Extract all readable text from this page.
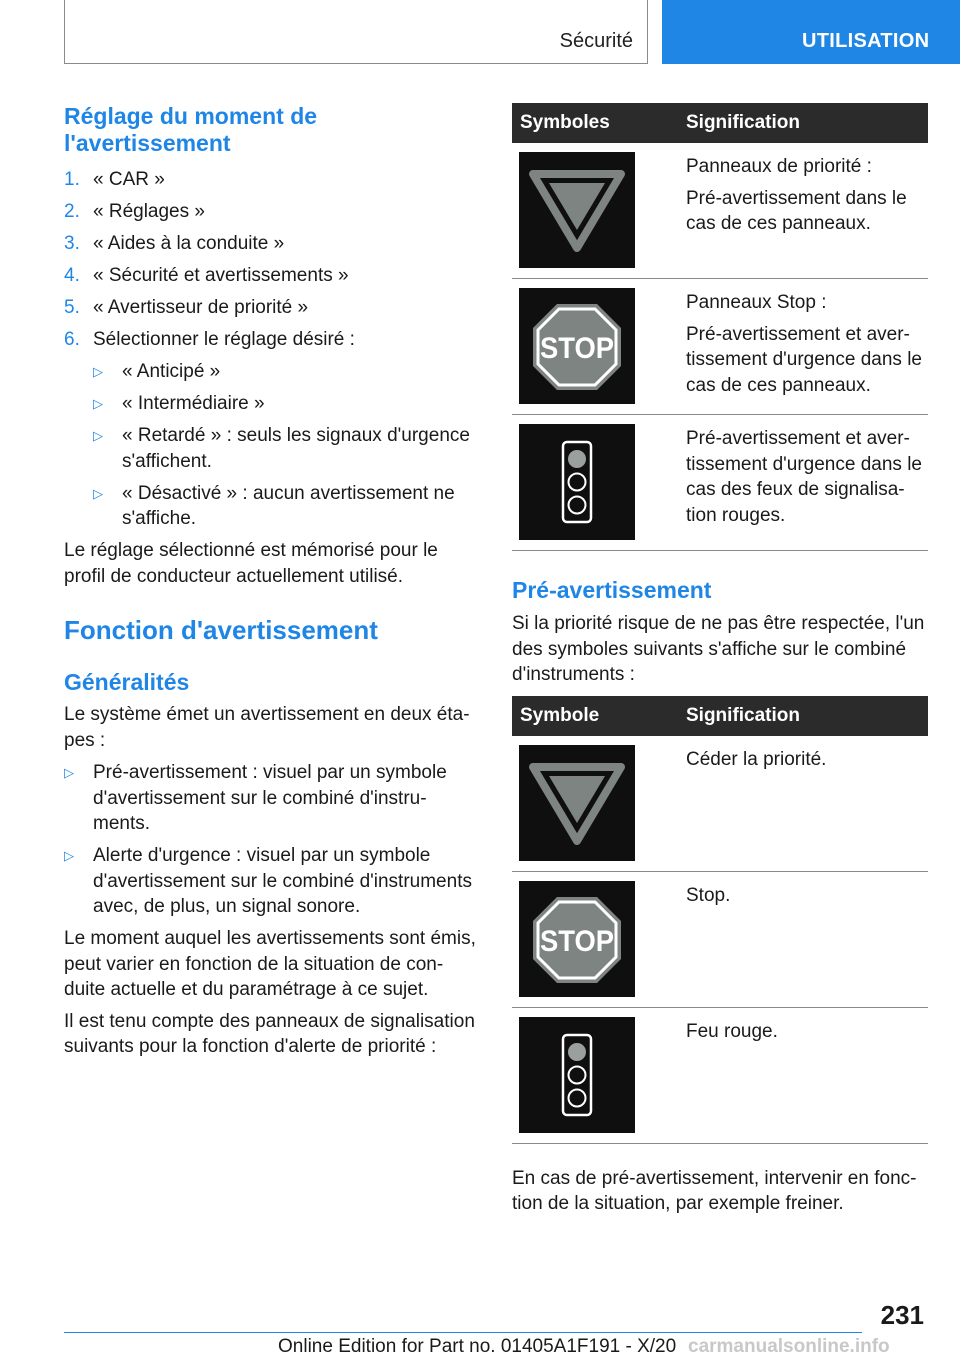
Sécurité	UTILISATION
Réglage du moment de l'avertissement
1. « CAR »
2. « Réglages »
3. « Aides à la conduite »
4. « Sécurité et avertissements »
5. « Avertisseur de priorité »
6. Sélectionner le réglage désiré :
▷	« Anticipé »
▷	« Intermédiaire »
▷	« Retardé » : seuls les signaux d'urgence s'affichent.
▷	« Désactivé » : aucun avertissement ne s'affiche.

Le réglage sélectionné est mémorisé pour le profil de conducteur actuellement utilisé.

Fonction d'avertissement
Généralités

Le système émet un avertissement en deux éta-pes :

▷	Pré-avertissement : visuel par un symbole d'avertissement sur le combiné d'instru-ments.
▷	Alerte d'urgence : visuel par un symbole d'avertissement sur le combiné d'instruments avec, de plus, un signal sonore.

Le moment auquel les avertissements sont émis, peut varier en fonction de la situation de con-duite actuelle et du paramétrage à ce sujet.

Il est tenu compte des panneaux de signalisation suivants pour la fonction d'alerte de priorité :

Symboles	Signification

Panneaux de priorité :

Pré-avertissement dans le cas de ces panneaux.

STOP

Panneaux Stop :

Pré-avertissement et aver-tissement d'urgence dans le cas de ces panneaux.

Pré-avertissement et aver-tissement d'urgence dans le cas des feux de signalisa-tion rouges.

Pré-avertissement

Si la priorité risque de ne pas être respectée, l'un des symboles suivants s'affiche sur le combiné d'instruments :

Symbole	Signification

Céder la priorité.

STOP

Stop.

Feu rouge.

En cas de pré-avertissement, intervenir en fonc-tion de la situation, par exemple freiner.

231
Online Edition for Part no. 01405A1F191 - X/20 carmanualsonline.info
